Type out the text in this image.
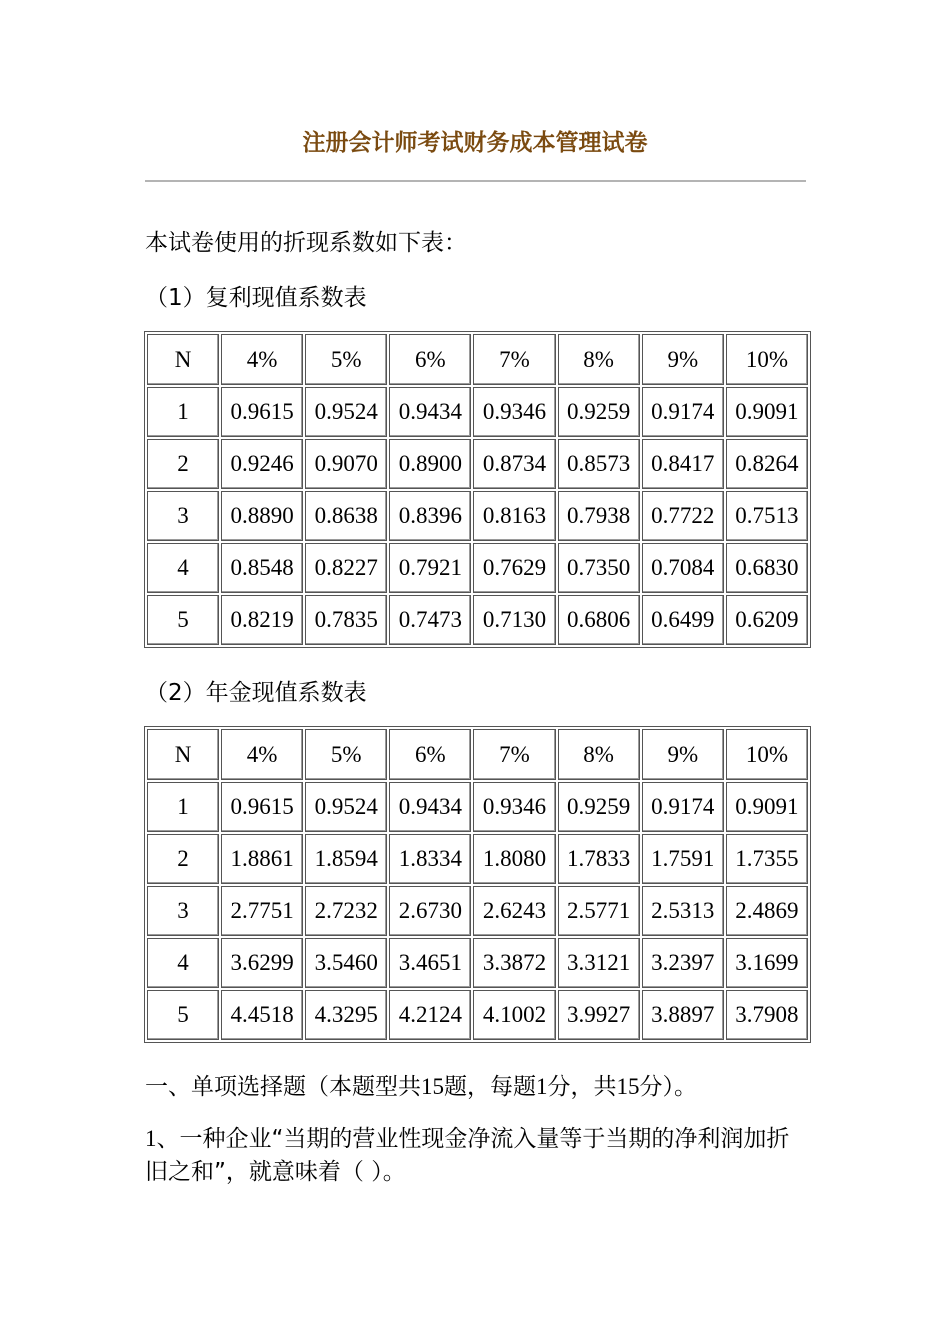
注册会计师考试财务成本管理试卷
本试卷使用的折现系数如下表：
（1）复利现值系数表
N	4%	5%	6%	7%	8%	9%	10%
1	0.9615	0.9524	0.9434	0.9346	0.9259	0.9174	0.9091
2	0.9246	0.9070	0.8900	0.8734	0.8573	0.8417	0.8264
3	0.8890	0.8638	0.8396	0.8163	0.7938	0.7722	0.7513
4	0.8548	0.8227	0.7921	0.7629	0.7350	0.7084	0.6830
5	0.8219	0.7835	0.7473	0.7130	0.6806	0.6499	0.6209
（2）年金现值系数表
N	4%	5%	6%	7%	8%	9%	10%
1	0.9615	0.9524	0.9434	0.9346	0.9259	0.9174	0.9091
2	1.8861	1.8594	1.8334	1.8080	1.7833	1.7591	1.7355
3	2.7751	2.7232	2.6730	2.6243	2.5771	2.5313	2.4869
4	3.6299	3.5460	3.4651	3.3872	3.3121	3.2397	3.1699
5	4.4518	4.3295	4.2124	4.1002	3.9927	3.8897	3.7908
一、单项选择题（本题型共15题，每题1分，共15分）。
1、一种企业“当期的营业性现金净流入量等于当期的净利润加折旧之和”，就意味着（ ）。
